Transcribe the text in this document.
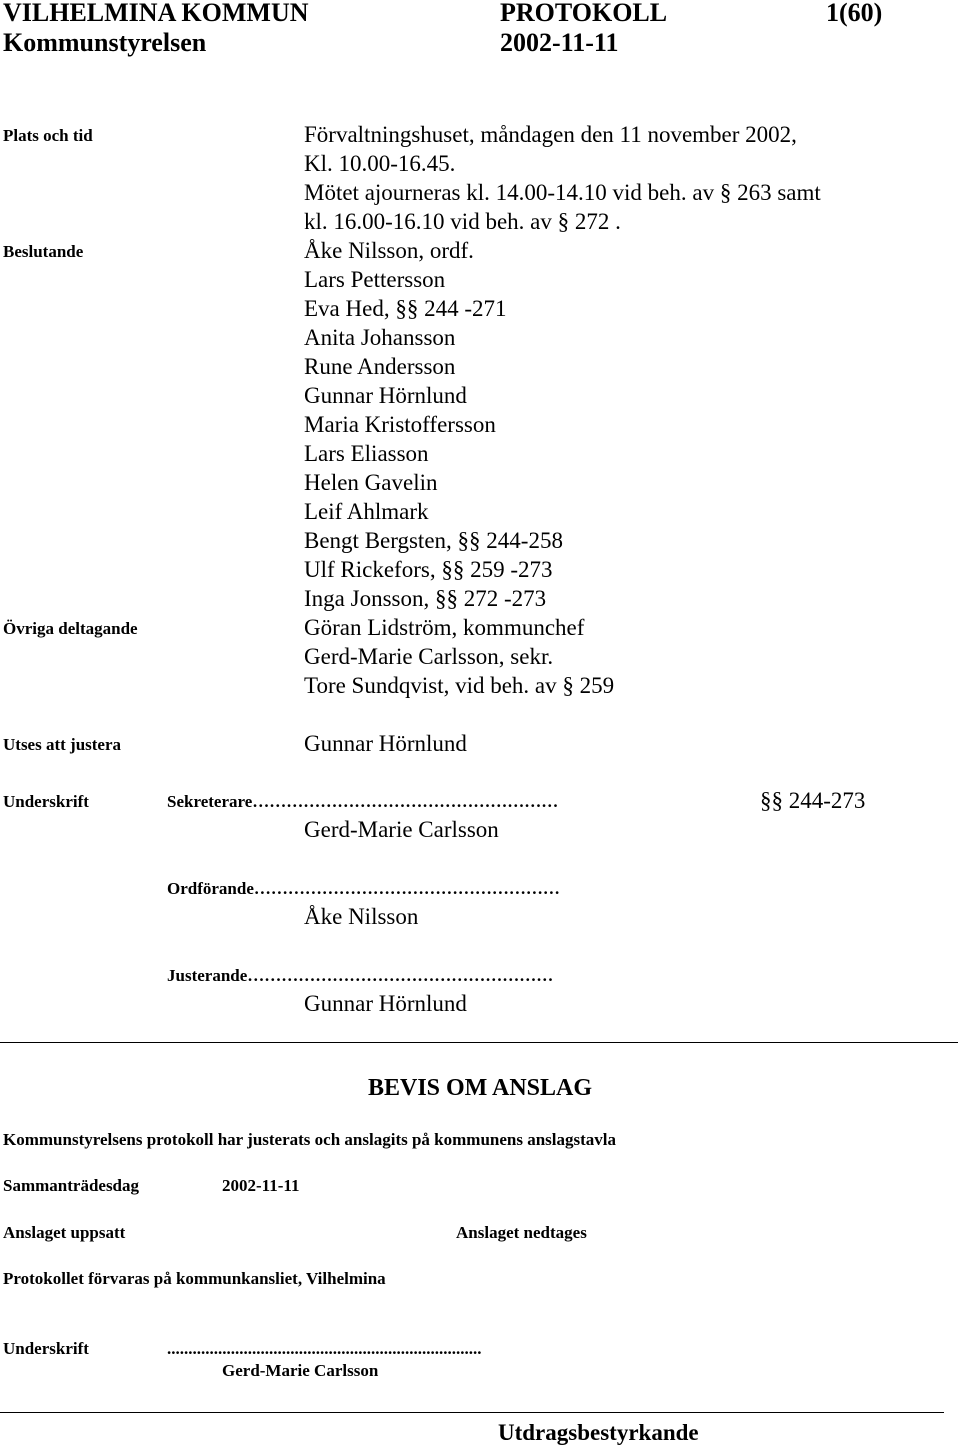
VILHELMINA KOMMUN	PROTOKOLL	1(60)
Kommunstyrelsen	2002-11-11
Plats och tid	Förvaltningshuset, måndagen den 11 november 2002,
Kl. 10.00-16.45.
Mötet ajourneras kl. 14.00-14.10 vid beh. av § 263 samt
kl. 16.00-16.10 vid beh. av § 272 .
Beslutande	Åke Nilsson, ordf.
Lars Pettersson
Eva Hed, §§ 244 -271
Anita Johansson
Rune Andersson
Gunnar Hörnlund
Maria Kristoffersson
Lars Eliasson
Helen Gavelin
Leif Ahlmark
Bengt Bergsten, §§ 244-258
Ulf Rickefors, §§ 259 -273
Inga Jonsson, §§ 272 -273
Övriga deltagande	Göran Lidström, kommunchef
Gerd-Marie Carlsson, sekr.
Tore Sundqvist, vid beh. av § 259
Utses att justera	Gunnar Hörnlund
Underskrift	Sekreterare………………………………………………	§§ 244-273
Gerd-Marie Carlsson
Ordförande………………………………………………
Åke Nilsson
Justerande………………………………………………
Gunnar Hörnlund
BEVIS OM ANSLAG
Kommunstyrelsens protokoll har justerats och anslagits på kommunens anslagstavla
Sammanträdesdag	2002-11-11
Anslaget uppsatt	Anslaget nedtages
Protokollet förvaras på kommunkansliet, Vilhelmina
Underskrift	..........................................................................
Gerd-Marie Carlsson
Utdragsbestyrkande
